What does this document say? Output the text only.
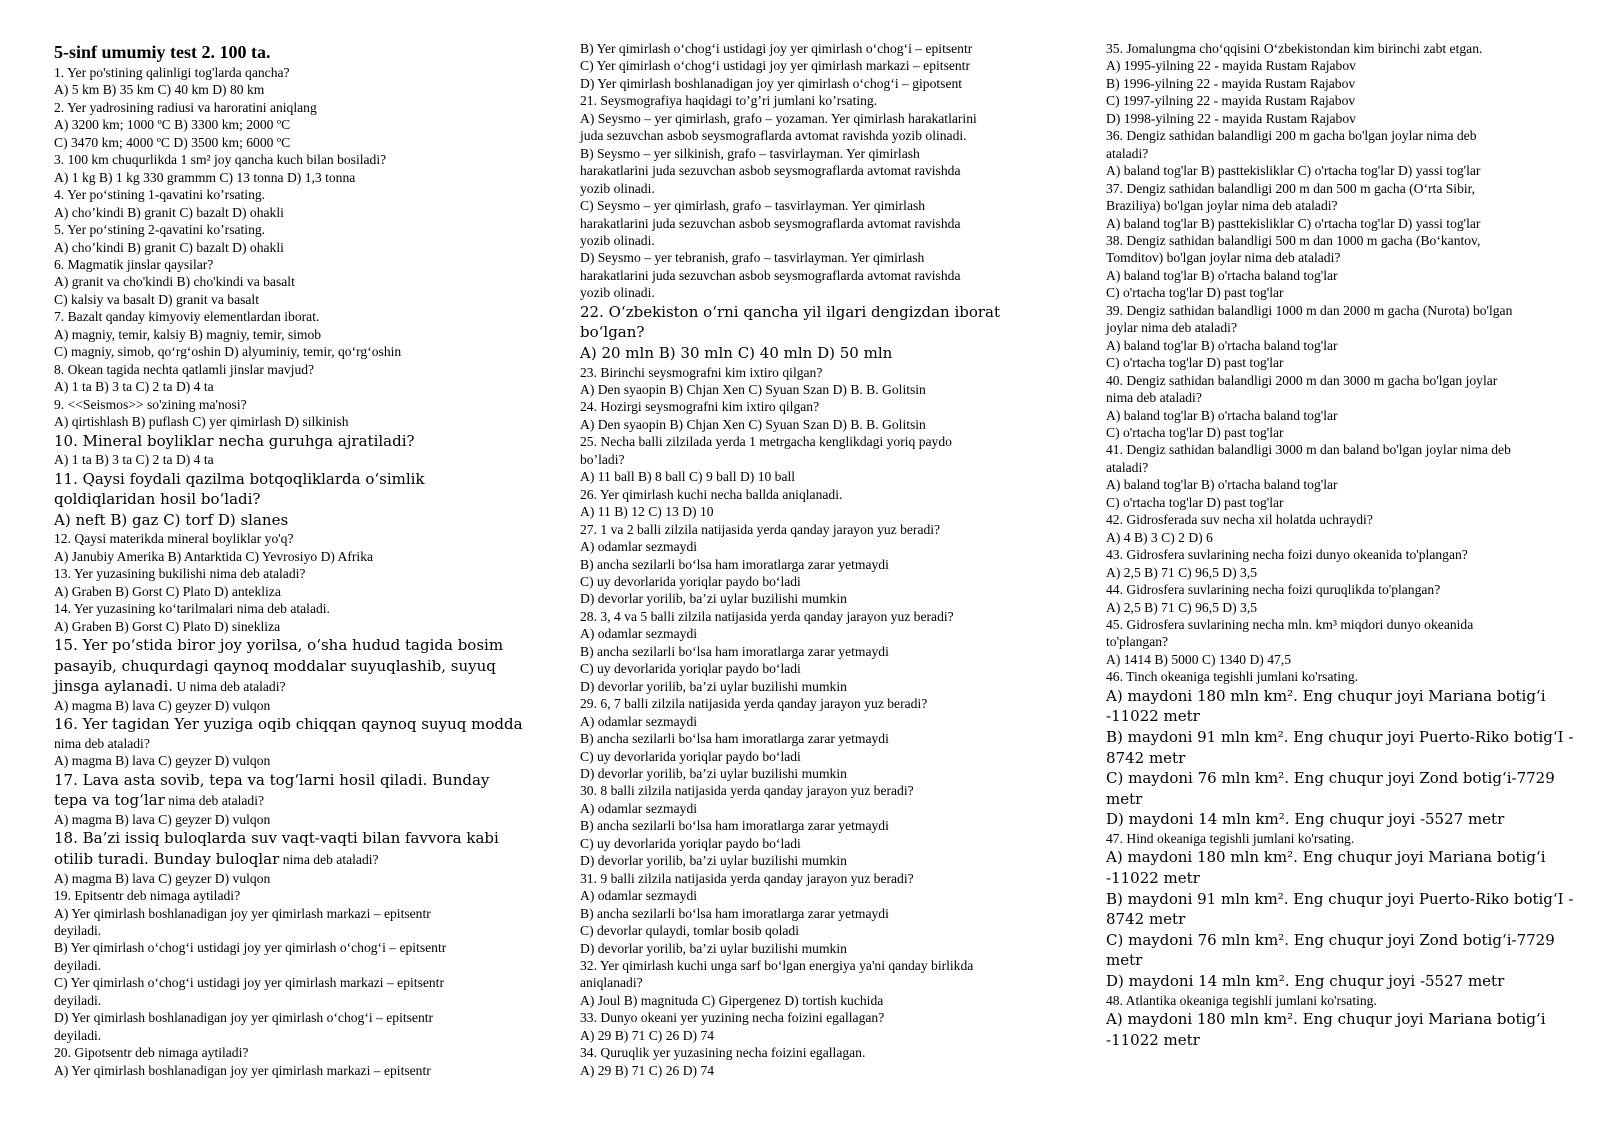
5-sinf umumiy test 2. 100 ta.
1. Yer po'stining qalinligi tog'larda qancha?
A) 5 km B) 35 km C) 40 km D) 80 km
2. Yer yadrosining radiusi va haroratini aniqlang
A) 3200 km; 1000 ºC B) 3300 km; 2000 ºC
C) 3470 km; 4000 ºC D) 3500 km; 6000 ºC
3. 100 km chuqurlikda 1 sm² joy qancha kuch bilan bosiladi?
A) 1 kg B) 1 kg 330 grammm C) 13 tonna D) 1,3 tonna
4. Yer po‘stining 1-qavatini ko’rsating.
A) cho’kindi B) granit C) bazalt D) ohakli
5. Yer po‘stining 2-qavatini ko’rsating.
A) cho’kindi B) granit C) bazalt D) ohakli
6. Magmatik jinslar qaysilar?
A) granit va cho'kindi B) cho'kindi va basalt
C) kalsiy va basalt D) granit va basalt
7. Bazalt qanday kimyoviy elementlardan iborat.
A) magniy, temir, kalsiy B) magniy, temir, simob
C) magniy, simob, qo‘rg‘oshin D) alyuminiy, temir, qo‘rg‘oshin
8. Okean tagida nechta qatlamli jinslar mavjud?
A) 1 ta B) 3 ta C) 2 ta D) 4 ta
9. <<Seismos>> so'zining ma'nosi?
A) qirtishlash B) puflash C) yer qimirlash D) silkinish
10. Mineral boyliklar necha guruhga ajratiladi?
A) 1 ta B) 3 ta C) 2 ta D) 4 ta
11. Qaysi foydali qazilma botqoqliklarda o‘simlik qoldiqlaridan hosil bo‘ladi?
A) neft B) gaz C) torf D) slanes
12. Qaysi materikda mineral boyliklar yo'q?
A) Janubiy Amerika B) Antarktida C) Yevrosiyo D) Afrika
13. Yer yuzasining bukilishi nima deb ataladi?
A) Graben B) Gorst C) Plato D) antekliza
14. Yer yuzasining ko‘tarilmalari nima deb ataladi.
A) Graben B) Gorst C) Plato D) sinekliza
15. Yer po‘stida biror joy yorilsa, o‘sha hudud tagida bosim pasayib, chuqurdagi qaynoq moddalar suyuqlashib, suyuq jinsga aylanadi. U nima deb ataladi?
A) magma B) lava C) geyzer D) vulqon
16. Yer tagidan Yer yuziga oqib chiqqan qaynoq suyuq modda
nima deb ataladi?
A) magma B) lava C) geyzer D) vulqon
17. Lava asta sovib, tepa va tog‘larni hosil qiladi. Bunday tepa va tog‘lar nima deb ataladi?
A) magma B) lava C) geyzer D) vulqon
18. Ba’zi issiq buloqlarda suv vaqt-vaqti bilan favvora kabi otilib turadi. Bunday buloqlar nima deb ataladi?
A) magma B) lava C) geyzer D) vulqon
19. Epitsentr deb nimaga aytiladi?
A) Yer qimirlash boshlanadigan joy yer qimirlash markazi – epitsentr
deyiladi.
B) Yer qimirlash o‘chog‘i ustidagi joy yer qimirlash o‘chog‘i – epitsentr
deyiladi.
C) Yer qimirlash o‘chog‘i ustidagi joy yer qimirlash markazi – epitsentr
deyiladi.
D) Yer qimirlash boshlanadigan joy yer qimirlash o‘chog‘i – epitsentr
deyiladi.
20. Gipotsentr deb nimaga aytiladi?
A) Yer qimirlash boshlanadigan joy yer qimirlash markazi – epitsentr
B) Yer qimirlash o‘chog‘i ustidagi joy yer qimirlash o‘chog‘i – epitsentr
C) Yer qimirlash o‘chog‘i ustidagi joy yer qimirlash markazi – epitsentr
D) Yer qimirlash boshlanadigan joy yer qimirlash o‘chog‘i – gipotsent
21. Seysmografiya haqidagi to’g’ri jumlani ko’rsating.
A) Seysmo – yer qimirlash, grafo – yozaman. Yer qimirlash harakatlarini
juda sezuvchan asbob seysmograflarda avtomat ravishda yozib olinadi.
B) Seysmo – yer silkinish, grafo – tasvirlayman. Yer qimirlash
harakatlarini juda sezuvchan asbob seysmograflarda avtomat ravishda
yozib olinadi.
C) Seysmo – yer qimirlash, grafo – tasvirlayman. Yer qimirlash
harakatlarini juda sezuvchan asbob seysmograflarda avtomat ravishda
yozib olinadi.
D) Seysmo – yer tebranish, grafo – tasvirlayman. Yer qimirlash
harakatlarini juda sezuvchan asbob seysmograflarda avtomat ravishda
yozib olinadi.
22. O‘zbekiston o‘rni qancha yil ilgari dengizdan iborat bo‘lgan?
A) 20 mln B) 30 mln C) 40 mln D) 50 mln
23. Birinchi seysmografni kim ixtiro qilgan?
A) Den syaopin B) Chjan Xen C) Syuan Szan D) B. B. Golitsin
24. Hozirgi seysmografni kim ixtiro qilgan?
A) Den syaopin B) Chjan Xen C) Syuan Szan D) B. B. Golitsin
25. Necha balli zilzilada yerda 1 metrgacha kenglikdagi yoriq paydo
bo’ladi?
A) 11 ball B) 8 ball C) 9 ball D) 10 ball
26. Yer qimirlash kuchi necha ballda aniqlanadi.
A) 11 B) 12 C) 13 D) 10
27. 1 va 2 balli zilzila natijasida yerda qanday jarayon yuz beradi?
A) odamlar sezmaydi
B) ancha sezilarli bo‘lsa ham imoratlarga zarar yetmaydi
C) uy devorlarida yoriqlar paydo bo‘ladi
D) devorlar yorilib, ba’zi uylar buzilishi mumkin
28. 3, 4 va 5 balli zilzila natijasida yerda qanday jarayon yuz beradi?
A) odamlar sezmaydi
B) ancha sezilarli bo‘lsa ham imoratlarga zarar yetmaydi
C) uy devorlarida yoriqlar paydo bo‘ladi
D) devorlar yorilib, ba’zi uylar buzilishi mumkin
29. 6, 7 balli zilzila natijasida yerda qanday jarayon yuz beradi?
A) odamlar sezmaydi
B) ancha sezilarli bo‘lsa ham imoratlarga zarar yetmaydi
C) uy devorlarida yoriqlar paydo bo‘ladi
D) devorlar yorilib, ba’zi uylar buzilishi mumkin
30. 8 balli zilzila natijasida yerda qanday jarayon yuz beradi?
A) odamlar sezmaydi
B) ancha sezilarli bo‘lsa ham imoratlarga zarar yetmaydi
C) uy devorlarida yoriqlar paydo bo‘ladi
D) devorlar yorilib, ba’zi uylar buzilishi mumkin
31. 9 balli zilzila natijasida yerda qanday jarayon yuz beradi?
A) odamlar sezmaydi
B) ancha sezilarli bo‘lsa ham imoratlarga zarar yetmaydi
C) devorlar qulaydi, tomlar bosib qoladi
D) devorlar yorilib, ba’zi uylar buzilishi mumkin
32. Yer qimirlash kuchi unga sarf bo‘lgan energiya ya'ni qanday birlikda
aniqlanadi?
A) Joul B) magnituda C) Gipergenez D) tortish kuchida
33. Dunyo okeani yer yuzining necha foizini egallagan?
A) 29 B) 71 C) 26 D) 74
34. Quruqlik yer yuzasining necha foizini egallagan.
A) 29 B) 71 C) 26 D) 74
35. Jomalungma cho‘qqisini O‘zbekistondan kim birinchi zabt etgan.
A) 1995-yilning 22 - mayida Rustam Rajabov
B) 1996-yilning 22 - mayida Rustam Rajabov
C) 1997-yilning 22 - mayida Rustam Rajabov
D) 1998-yilning 22 - mayida Rustam Rajabov
36. Dengiz sathidan balandligi 200 m gacha bo'lgan joylar nima deb
ataladi?
A) baland tog'lar B) pasttekisliklar C) o'rtacha tog'lar D) yassi tog'lar
37. Dengiz sathidan balandligi 200 m dan 500 m gacha (O‘rta Sibir,
Braziliya) bo'lgan joylar nima deb ataladi?
A) baland tog'lar B) pasttekisliklar C) o'rtacha tog'lar D) yassi tog'lar
38. Dengiz sathidan balandligi 500 m dan 1000 m gacha (Bo‘kantov,
Tomditov) bo'lgan joylar nima deb ataladi?
A) baland tog'lar B) o'rtacha baland tog'lar
C) o'rtacha tog'lar D) past tog'lar
39. Dengiz sathidan balandligi 1000 m dan 2000 m gacha (Nurota) bo'lgan
joylar nima deb ataladi?
A) baland tog'lar B) o'rtacha baland tog'lar
C) o'rtacha tog'lar D) past tog'lar
40. Dengiz sathidan balandligi 2000 m dan 3000 m gacha bo'lgan joylar
nima deb ataladi?
A) baland tog'lar B) o'rtacha baland tog'lar
C) o'rtacha tog'lar D) past tog'lar
41. Dengiz sathidan balandligi 3000 m dan baland bo'lgan joylar nima deb
ataladi?
A) baland tog'lar B) o'rtacha baland tog'lar
C) o'rtacha tog'lar D) past tog'lar
42. Gidrosferada suv necha xil holatda uchraydi?
A) 4 B) 3 C) 2 D) 6
43. Gidrosfera suvlarining necha foizi dunyo okeanida to'plangan?
A) 2,5 B) 71 C) 96,5 D) 3,5
44. Gidrosfera suvlarining necha foizi quruqlikda to'plangan?
A) 2,5 B) 71 C) 96,5 D) 3,5
45. Gidrosfera suvlarining necha mln. km³ miqdori dunyo okeanida
to'plangan?
A) 1414 B) 5000 C) 1340 D) 47,5
46. Tinch okeaniga tegishli jumlani ko'rsating.
A) maydoni 180 mln km². Eng chuqur joyi Mariana botig‘i -11022 metr
B) maydoni 91 mln km². Eng chuqur joyi Puerto-Riko botig‘I - 8742 metr
C) maydoni 76 mln km². Eng chuqur joyi Zond botig‘i-7729 metr
D) maydoni 14 mln km². Eng chuqur joyi -5527 metr
47. Hind okeaniga tegishli jumlani ko'rsating.
A) maydoni 180 mln km². Eng chuqur joyi Mariana botig‘i -11022 metr
B) maydoni 91 mln km². Eng chuqur joyi Puerto-Riko botig‘I - 8742 metr
C) maydoni 76 mln km². Eng chuqur joyi Zond botig‘i-7729 metr
D) maydoni 14 mln km². Eng chuqur joyi -5527 metr
48. Atlantika okeaniga tegishli jumlani ko'rsating.
A) maydoni 180 mln km². Eng chuqur joyi Mariana botig‘i -11022 metr
